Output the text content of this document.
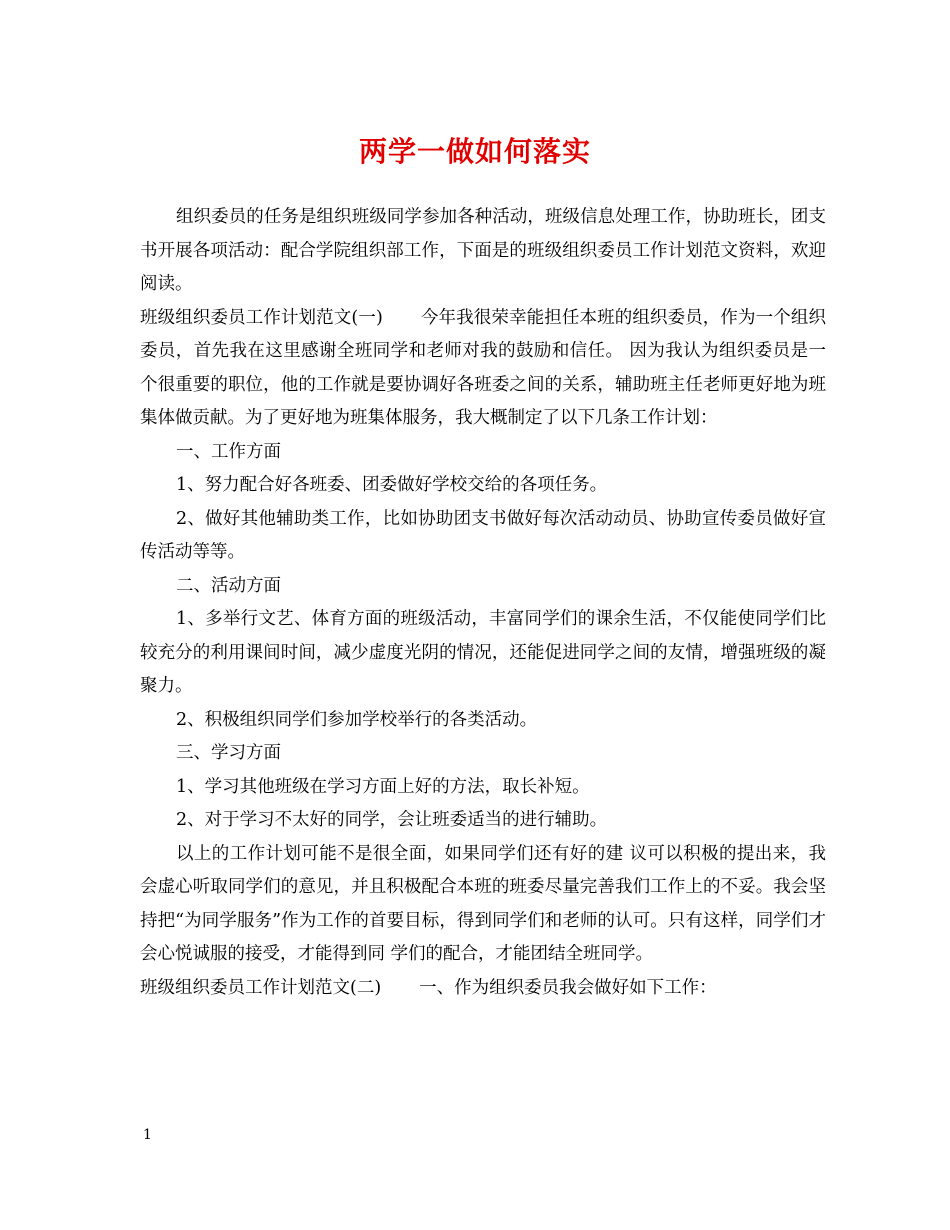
两学一做如何落实

组织委员的任务是组织班级同学参加各种活动，班级信息处理工作，协助班长，团支书开展各项活动：配合学院组织部工作，下面是的班级组织委员工作计划范文资料，欢迎阅读。

班级组织委员工作计划范文(一) 今年我很荣幸能担任本班的组织委员，作为一个组织委员，首先我在这里感谢全班同学和老师对我的鼓励和信任。 因为我认为组织委员是一个很重要的职位，他的工作就是要协调好各班委之间的关系，辅助班主任老师更好地为班集体做贡献。为了更好地为班集体服务，我大概制定了以下几条工作计划：

一、工作方面

1、努力配合好各班委、团委做好学校交给的各项任务。

2、做好其他辅助类工作，比如协助团支书做好每次活动动员、协助宣传委员做好宣传活动等等。

二、活动方面

1、多举行文艺、体育方面的班级活动，丰富同学们的课余生活，不仅能使同学们比较充分的利用课间时间，减少虚度光阴的情况，还能促进同学之间的友情，增强班级的凝聚力。

2、积极组织同学们参加学校举行的各类活动。

三、学习方面

1、学习其他班级在学习方面上好的方法，取长补短。

2、对于学习不太好的同学，会让班委适当的进行辅助。

以上的工作计划可能不是很全面，如果同学们还有好的建 议可以积极的提出来，我会虚心听取同学们的意见，并且积极配合本班的班委尽量完善我们工作上的不妥。我会坚持把“为同学服务”作为工作的首要目标，得到同学们和老师的认可。只有这样，同学们才会心悦诚服的接受，才能得到同 学们的配合，才能团结全班同学。

班级组织委员工作计划范文(二) 一、作为组织委员我会做好如下工作：

1
